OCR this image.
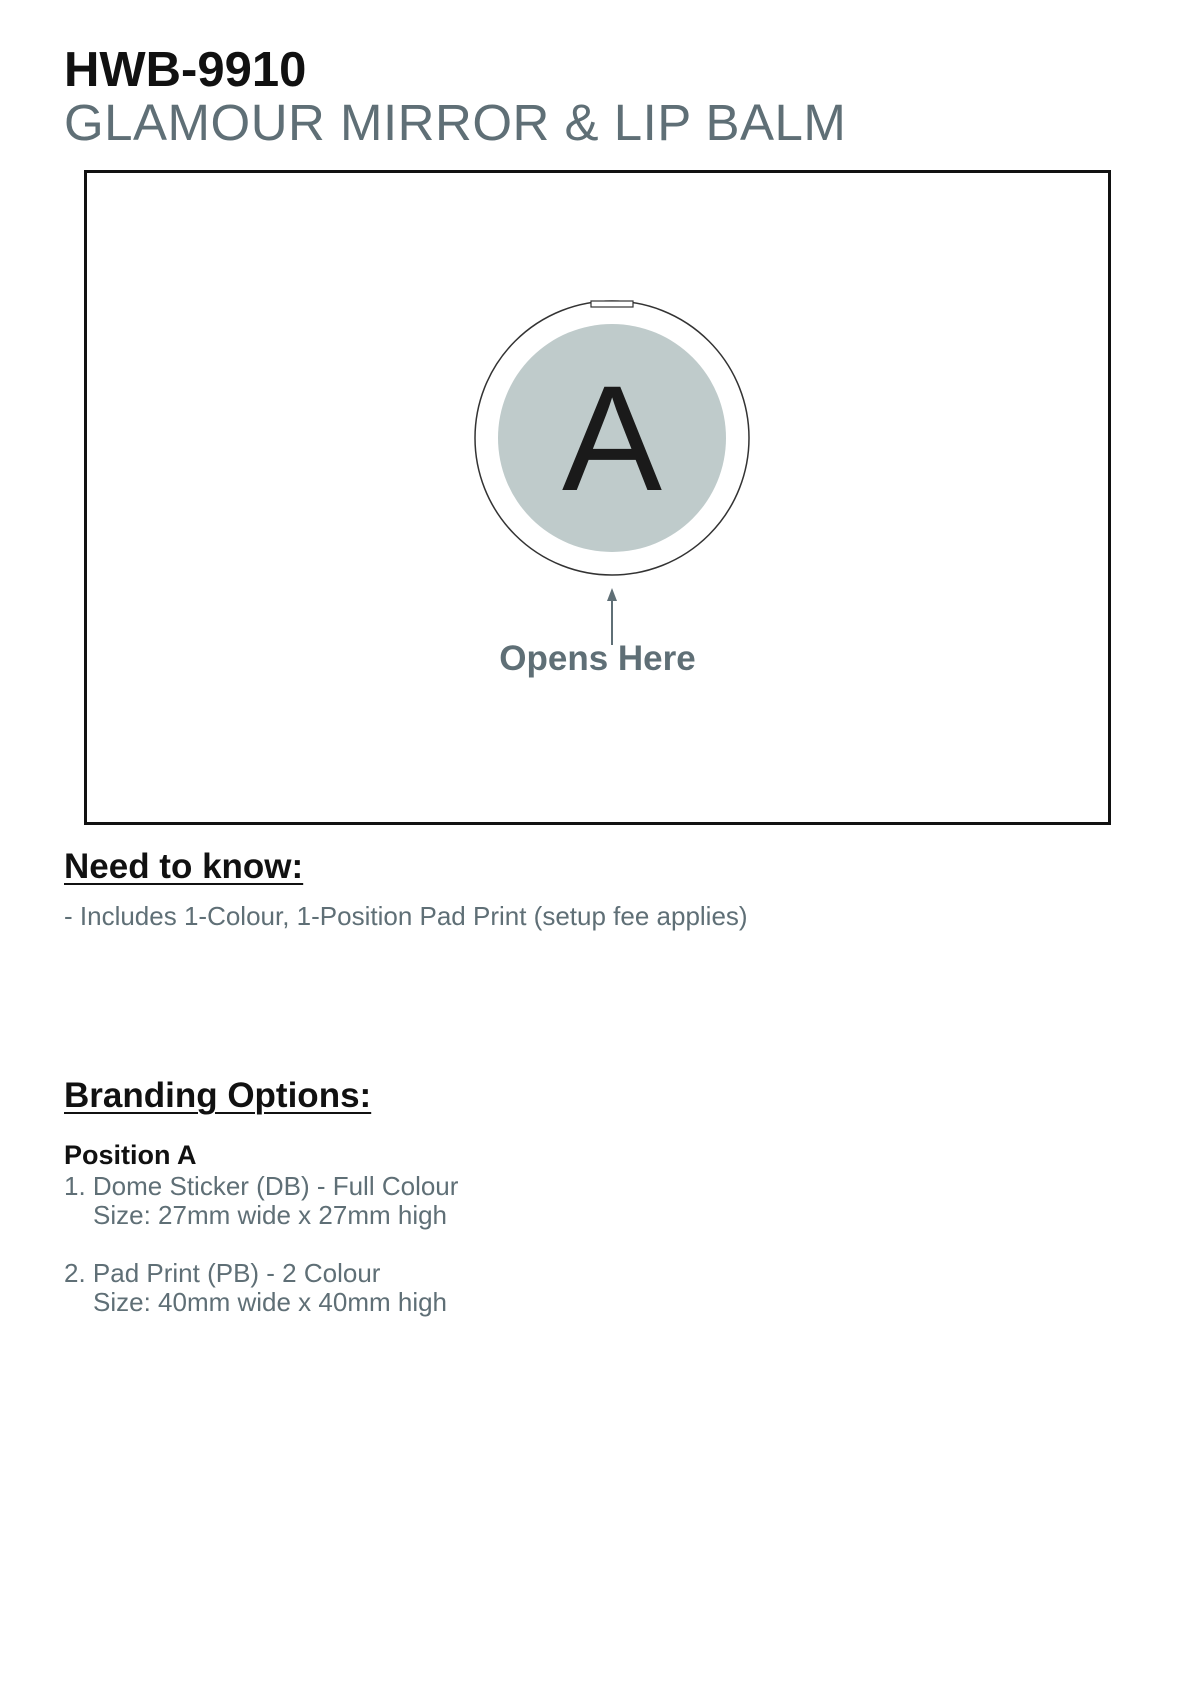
HWB-9910
GLAMOUR MIRROR & LIP BALM
A

Opens Here

Need to know:

- Includes 1-Colour, 1-Position Pad Print (setup fee applies)

Branding Options:

Position A

1. Dome Sticker (DB) - Full Colour

Size: 27mm wide x 27mm high

2. Pad Print (PB) - 2 Colour

Size: 40mm wide x 40mm high
